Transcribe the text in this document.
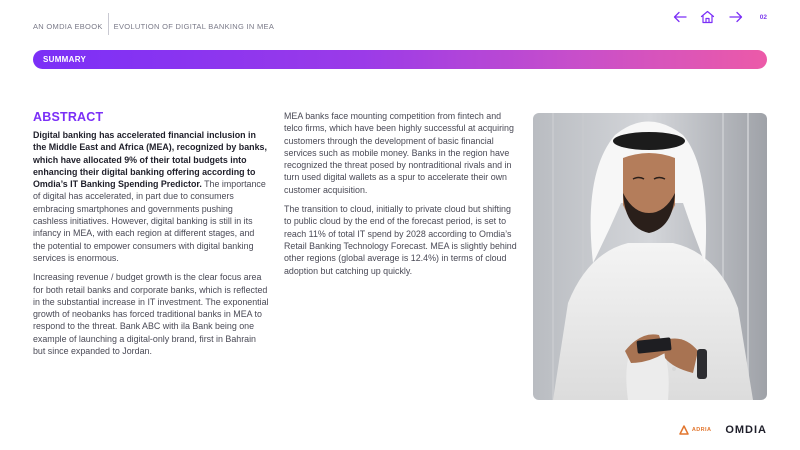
AN OMDIA EBOOK EVOLUTION OF DIGITAL BANKING IN MEA
02
SUMMARY
ABSTRACT

Digital banking has accelerated financial inclusion in the Middle East and Africa (MEA), recognized by banks, which have allocated 9% of their total budgets into enhancing their digital banking offering according to Omdia’s IT Banking Spending Predictor. The importance of digital has accelerated, in part due to consumers embracing smartphones and governments pushing cashless initiatives. However, digital banking is still in its infancy in MEA, with each region at different stages, and the potential to empower consumers with digital banking services is enormous.

Increasing revenue / budget growth is the clear focus area for both retail banks and corporate banks, which is reflected in the substantial increase in IT investment. The exponential growth of neobanks has forced traditional banks in MEA to respond to the threat. Bank ABC with ila Bank being one example of launching a digital-only brand, first in Bahrain but since expanded to Jordan.

MEA banks face mounting competition from fintech and telco firms, which have been highly successful at acquiring customers through the development of basic financial services such as mobile money. Banks in the region have recognized the threat posed by nontraditional rivals and in turn used digital wallets as a spur to accelerate their own customer acquisition.

The transition to cloud, initially to private cloud but shifting to public cloud by the end of the forecast period, is set to reach 11% of total IT spend by 2028 according to Omdia’s Retail Banking Technology Forecast. MEA is slightly behind other regions (global average is 12.4%) in terms of cloud adoption but catching up quickly.

ADRIA OMDIA
